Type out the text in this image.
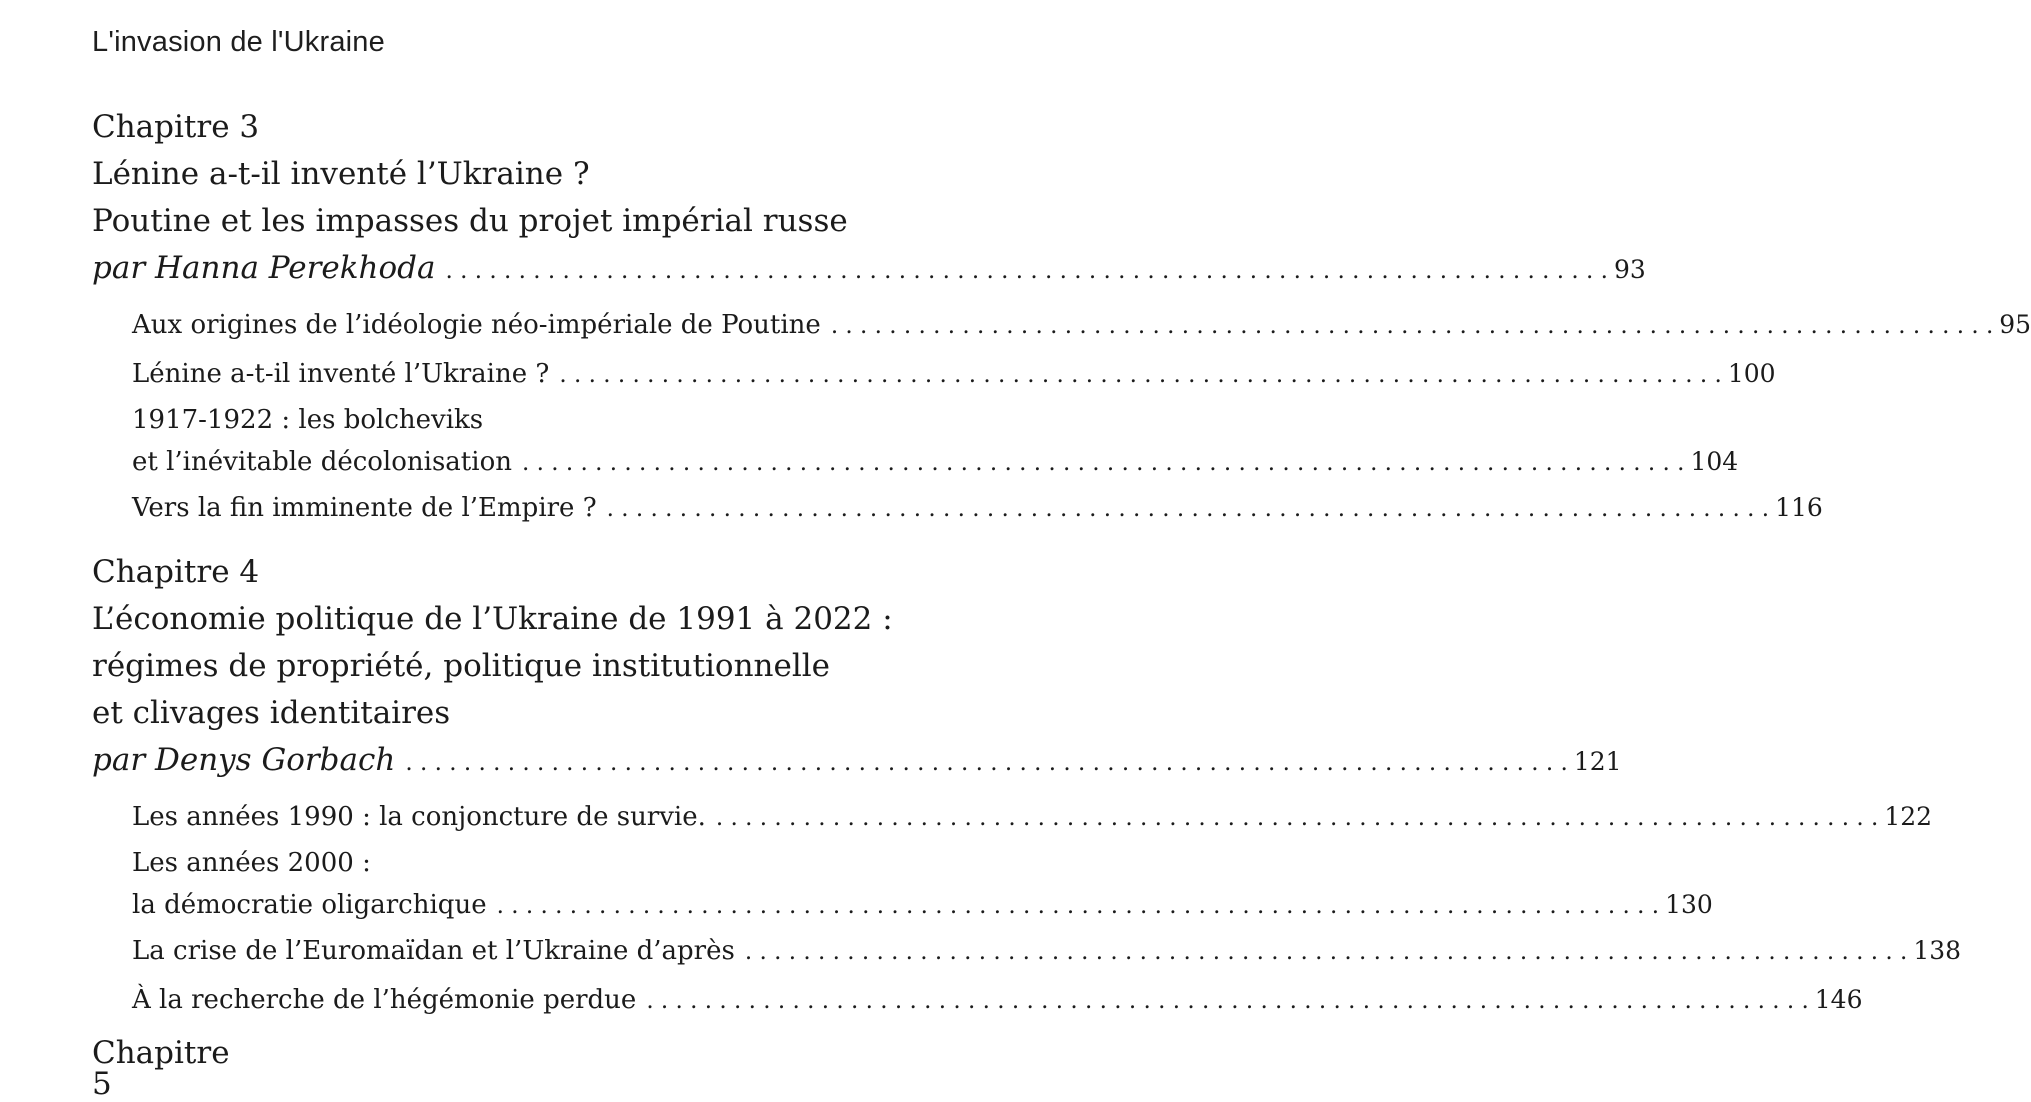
L'invasion de l'Ukraine

Chapitre 3

Lénine a-t-il inventé l’Ukraine ?

Poutine et les impasses du projet impérial russe

par Hanna Perekhoda . . .	93
Aux origines de l’idéologie néo-impériale de Poutine . . .	95
Lénine a-t-il inventé l’Ukraine ? . . .	100
1917-1922 : les bolcheviks
et l’inévitable décolonisation . . .	104
Vers la fin imminente de l’Empire ? . . .	116

Chapitre 4

L’économie politique de l’Ukraine de 1991 à 2022 :

régimes de propriété, politique institutionnelle

et clivages identitaires

par Denys Gorbach . . .	121
Les années 1990 : la conjoncture de survie. . . .	122
Les années 2000 :
la démocratie oligarchique . . .	130
La crise de l’Euromaïdan et l’Ukraine d’après . . .	138
À la recherche de l’hégémonie perdue . . .	146
Chapitre 5
